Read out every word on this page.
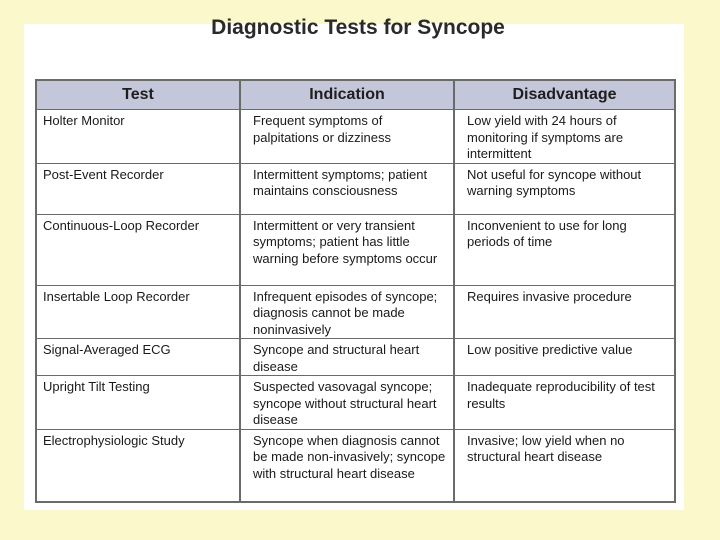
Diagnostic Tests for Syncope
Test	Indication	Disadvantage
Holter Monitor	Frequent symptoms of palpitations or dizziness	Low yield with 24 hours of monitoring if symptoms are intermittent
Post-Event Recorder	Intermittent symptoms; patient maintains consciousness	Not useful for syncope without warning symptoms
Continuous-Loop Recorder	Intermittent or very transient symptoms; patient has little warning before symptoms occur	Inconvenient to use for long periods of time
Insertable Loop Recorder	Infrequent episodes of syncope; diagnosis cannot be made noninvasively	Requires invasive procedure
Signal-Averaged ECG	Syncope and structural heart disease	Low positive predictive value
Upright Tilt Testing	Suspected vasovagal syncope; syncope without structural heart disease	Inadequate reproducibility of test results
Electrophysiologic Study	Syncope when diagnosis cannot be made non-invasively; syncope with structural heart disease	Invasive; low yield when no structural heart disease
